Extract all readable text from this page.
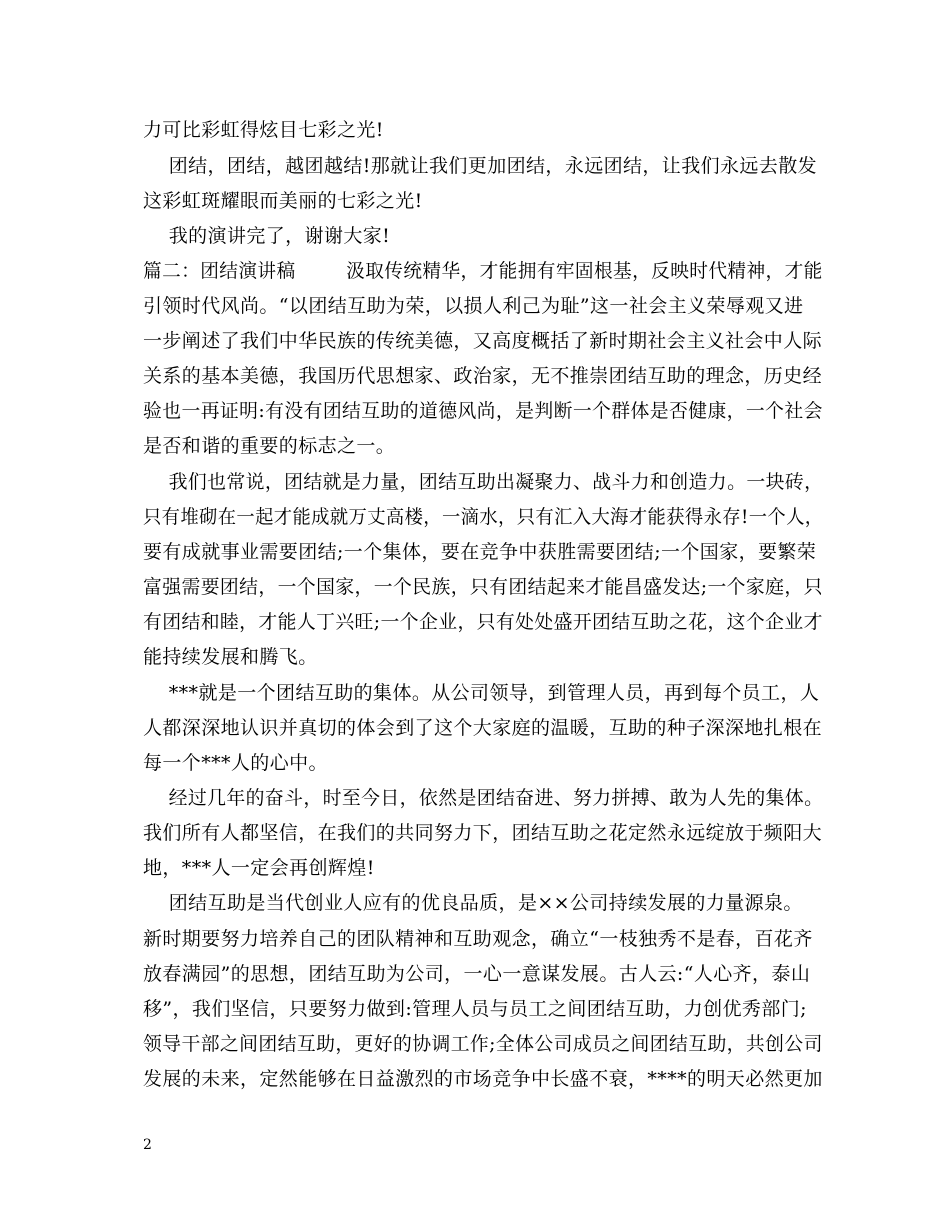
力可比彩虹得炫目七彩之光!
团结，团结，越团越结!那就让我们更加团结，永远团结，让我们永远去散发
这彩虹斑耀眼而美丽的七彩之光!
我的演讲完了，谢谢大家!
篇二：团结演讲稿        汲取传统精华，才能拥有牢固根基，反映时代精神，才能
引领时代风尚。“以团结互助为荣，以损人利己为耻”这一社会主义荣辱观又进
一步阐述了我们中华民族的传统美德，又高度概括了新时期社会主义社会中人际
关系的基本美德，我国历代思想家、政治家，无不推崇团结互助的理念，历史经
验也一再证明:有没有团结互助的道德风尚，是判断一个群体是否健康，一个社会
是否和谐的重要的标志之一。
我们也常说，团结就是力量，团结互助出凝聚力、战斗力和创造力。一块砖，
只有堆砌在一起才能成就万丈高楼，一滴水，只有汇入大海才能获得永存!一个人，
要有成就事业需要团结;一个集体，要在竞争中获胜需要团结;一个国家，要繁荣
富强需要团结，一个国家，一个民族，只有团结起来才能昌盛发达;一个家庭，只
有团结和睦，才能人丁兴旺;一个企业，只有处处盛开团结互助之花，这个企业才
能持续发展和腾飞。
***就是一个团结互助的集体。从公司领导，到管理人员，再到每个员工，人
人都深深地认识并真切的体会到了这个大家庭的温暖，互助的种子深深地扎根在
每一个***人的心中。
经过几年的奋斗，时至今日，依然是团结奋进、努力拼搏、敢为人先的集体。
我们所有人都坚信，在我们的共同努力下，团结互助之花定然永远绽放于频阳大
地，***人一定会再创辉煌!
团结互助是当代创业人应有的优良品质，是××公司持续发展的力量源泉。
新时期要努力培养自己的团队精神和互助观念，确立“一枝独秀不是春，百花齐
放春满园”的思想，团结互助为公司，一心一意谋发展。古人云:“人心齐，泰山
移”，我们坚信，只要努力做到:管理人员与员工之间团结互助，力创优秀部门;
领导干部之间团结互助，更好的协调工作;全体公司成员之间团结互助，共创公司
发展的未来，定然能够在日益激烈的市场竞争中长盛不衰，****的明天必然更加
2
